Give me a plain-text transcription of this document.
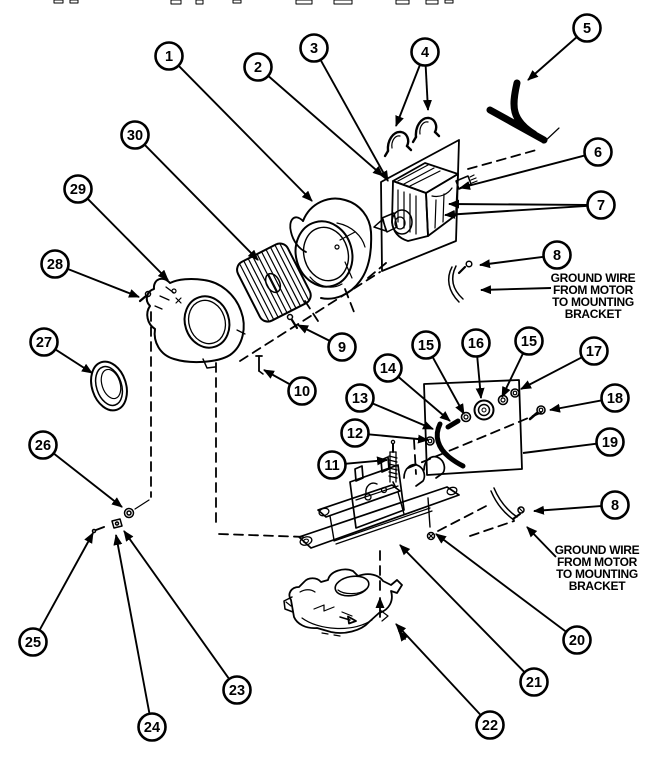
1
2
3	4
5
6
7
8
9
10
11
12
13
14
15 16	15
17
18
19
8
20
21
22
23
24
25
26
27
28
29
30
GROUND WIRE FROM MOTOR TO MOUNTING BRACKET
GROUND WIRE FROM MOTOR TO MOUNTING BRACKET
